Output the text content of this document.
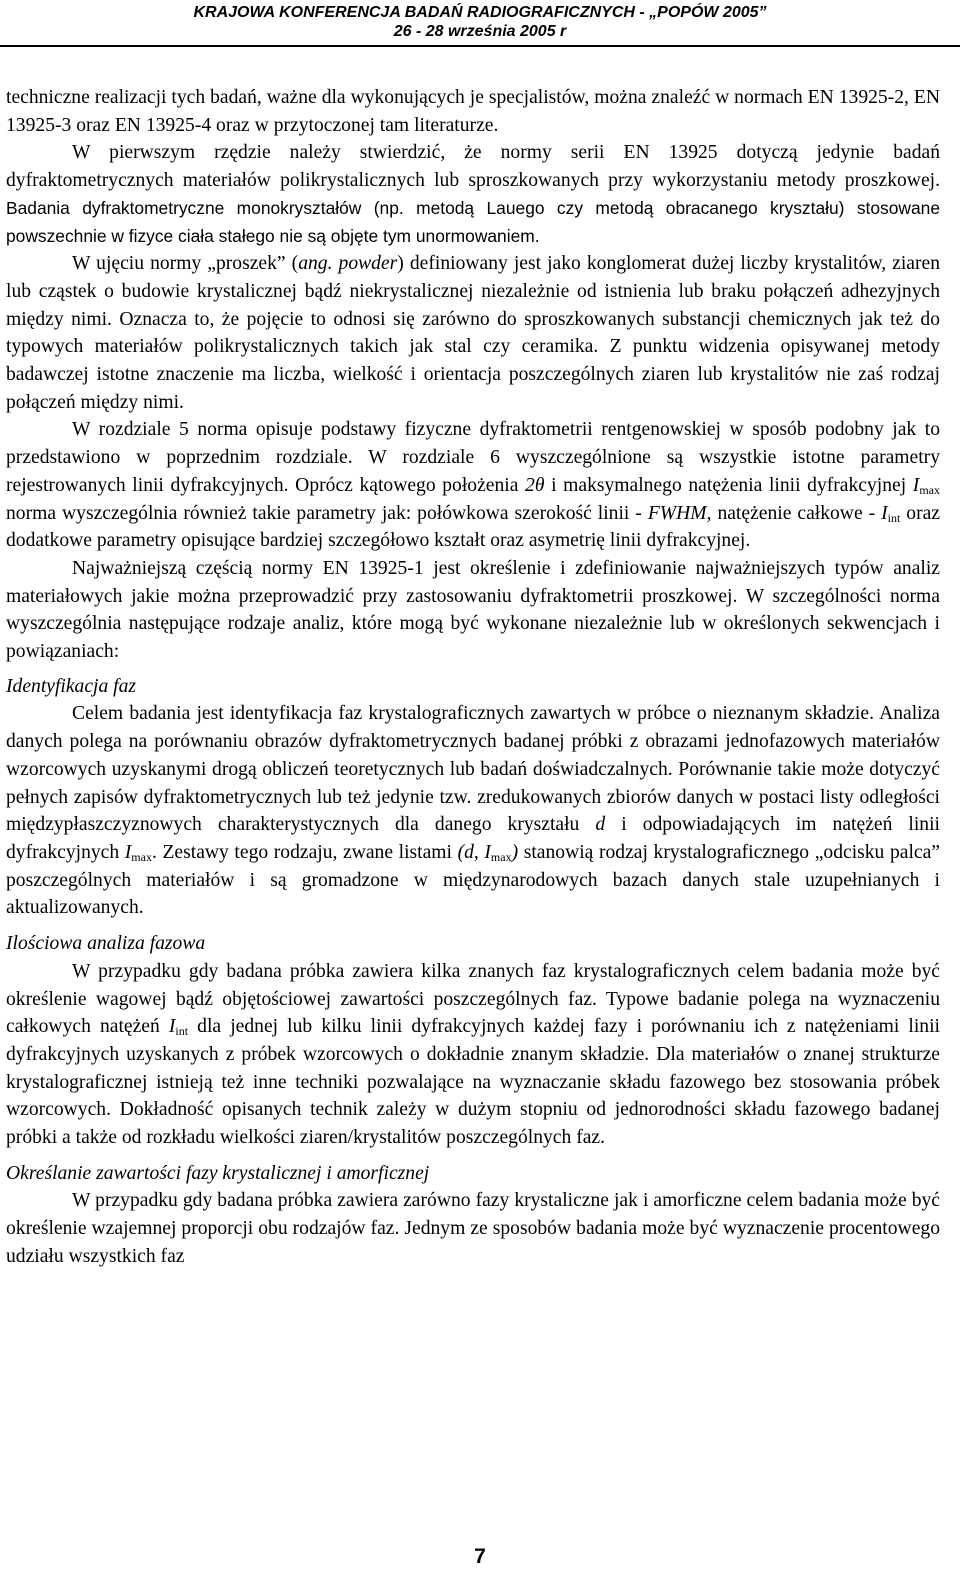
KRAJOWA KONFERENCJA BADAŃ RADIOGRAFICZNYCH - „POPÓW 2005”
26 - 28 września 2005 r

techniczne realizacji tych badań, ważne dla wykonujących je specjalistów, można znaleźć w normach EN 13925-2, EN 13925-3 oraz EN 13925-4 oraz w przytoczonej tam literaturze.

W pierwszym rzędzie należy stwierdzić, że normy serii EN 13925 dotyczą jedynie badań dyfraktometrycznych materiałów polikrystalicznych lub sproszkowanych przy wykorzystaniu metody proszkowej. Badania dyfraktometryczne monokryształów (np. metodą Lauego czy metodą obracanego kryształu) stosowane powszechnie w fizyce ciała stałego nie są objęte tym unormowaniem.

W ujęciu normy „proszek” (ang. powder) definiowany jest jako konglomerat dużej liczby krystalitów, ziaren lub cząstek o budowie krystalicznej bądź niekrystalicznej niezależnie od istnienia lub braku połączeń adhezyjnych między nimi. Oznacza to, że pojęcie to odnosi się zarówno do sproszkowanych substancji chemicznych jak też do typowych materiałów polikrystalicznych takich jak stal czy ceramika. Z punktu widzenia opisywanej metody badawczej istotne znaczenie ma liczba, wielkość i orientacja poszczególnych ziaren lub krystalitów nie zaś rodzaj połączeń między nimi.

W rozdziale 5 norma opisuje podstawy fizyczne dyfraktometrii rentgenowskiej w sposób podobny jak to przedstawiono w poprzednim rozdziale. W rozdziale 6 wyszczególnione są wszystkie istotne parametry rejestrowanych linii dyfrakcyjnych. Oprócz kątowego położenia 2θ i maksymalnego natężenia linii dyfrakcyjnej $I_{max}$ norma wyszczególnia również takie parametry jak: połówkowa szerokość linii - FWHM, natężenie całkowe - $I_{int}$ oraz dodatkowe parametry opisujące bardziej szczegółowo kształt oraz asymetrię linii dyfrakcyjnej.

Najważniejszą częścią normy EN 13925-1 jest określenie i zdefiniowanie najważniejszych typów analiz materiałowych jakie można przeprowadzić przy zastosowaniu dyfraktometrii proszkowej. W szczególności norma wyszczególnia następujące rodzaje analiz, które mogą być wykonane niezależnie lub w określonych sekwencjach i powiązaniach:

Identyfikacja faz

Celem badania jest identyfikacja faz krystalograficznych zawartych w próbce o nieznanym składzie. Analiza danych polega na porównaniu obrazów dyfraktometrycznych badanej próbki z obrazami jednofazowych materiałów wzorcowych uzyskanymi drogą obliczeń teoretycznych lub badań doświadczalnych. Porównanie takie może dotyczyć pełnych zapisów dyfraktometrycznych lub też jedynie tzw. zredukowanych zbiorów danych w postaci listy odległości międzypłaszczyznowych charakterystycznych dla danego kryształu d i odpowiadających im natężeń linii dyfrakcyjnych $I_{max}$. Zestawy tego rodzaju, zwane listami (d, $I_{max}$) stanowią rodzaj krystalograficznego „odcisku palca” poszczególnych materiałów i są gromadzone w międzynarodowych bazach danych stale uzupełnianych i aktualizowanych.

Ilościowa analiza fazowa

W przypadku gdy badana próbka zawiera kilka znanych faz krystalograficznych celem badania może być określenie wagowej bądź objętościowej zawartości poszczególnych faz. Typowe badanie polega na wyznaczeniu całkowych natężeń $I_{int}$ dla jednej lub kilku linii dyfrakcyjnych każdej fazy i porównaniu ich z natężeniami linii dyfrakcyjnych uzyskanych z próbek wzorcowych o dokładnie znanym składzie. Dla materiałów o znanej strukturze krystalograficznej istnieją też inne techniki pozwalające na wyznaczanie składu fazowego bez stosowania próbek wzorcowych. Dokładność opisanych technik zależy w dużym stopniu od jednorodności składu fazowego badanej próbki a także od rozkładu wielkości ziaren/krystalitów poszczególnych faz.

Określanie zawartości fazy krystalicznej i amorficznej

W przypadku gdy badana próbka zawiera zarówno fazy krystaliczne jak i amorficzne celem badania może być określenie wzajemnej proporcji obu rodzajów faz. Jednym ze sposobów badania może być wyznaczenie procentowego udziału wszystkich faz

7
